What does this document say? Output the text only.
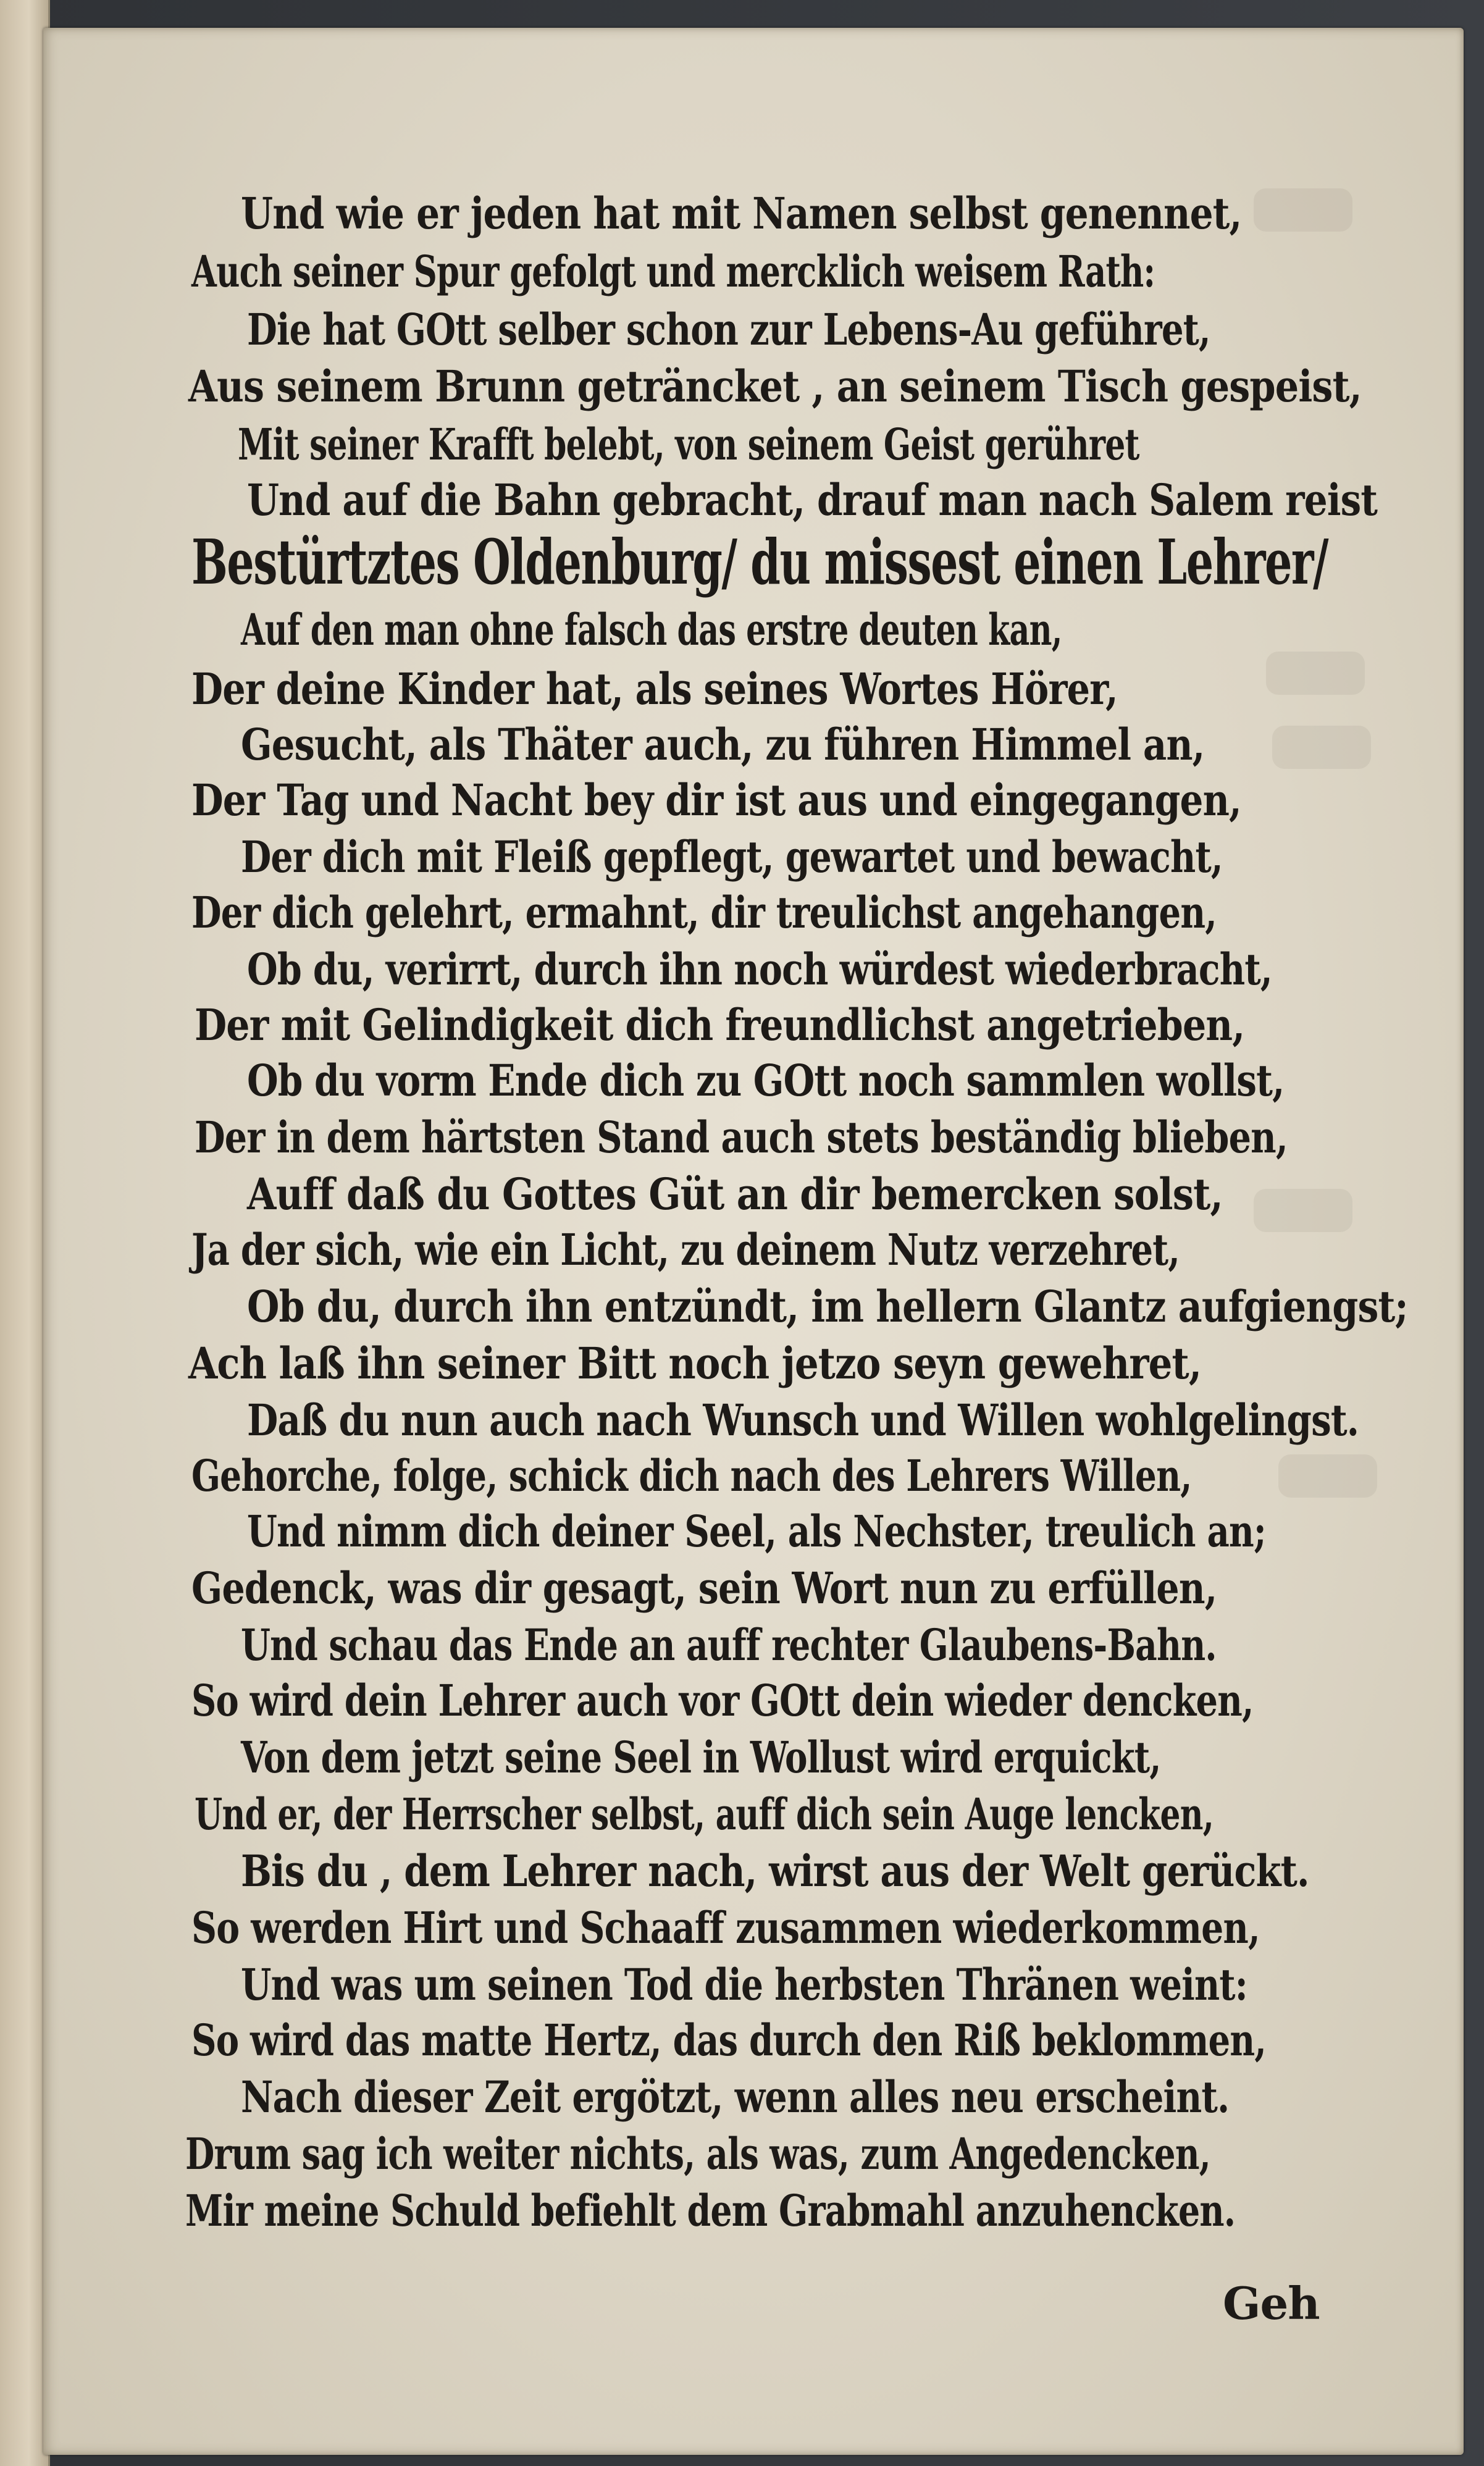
Und wie er jeden hat mit Namen selbst genennet,
Auch seiner Spur gefolgt und mercklich weisem Rath:
Die hat GOtt selber schon zur Lebens-Au geführet,
Aus seinem Brunn geträncket , an seinem Tisch gespeist,
Mit seiner Krafft belebt, von seinem Geist gerühret
Und auf die Bahn gebracht, drauf man nach Salem reist
Bestürtztes Oldenburg/ du missest einen Lehrer/
Auf den man ohne falsch das erstre deuten kan,
Der deine Kinder hat, als seines Wortes Hörer,
Gesucht, als Thäter auch, zu führen Himmel an,
Der Tag und Nacht bey dir ist aus und eingegangen,
Der dich mit Fleiß gepflegt, gewartet und bewacht,
Der dich gelehrt, ermahnt, dir treulichst angehangen,
Ob du, verirrt, durch ihn noch würdest wiederbracht,
Der mit Gelindigkeit dich freundlichst angetrieben,
Ob du vorm Ende dich zu GOtt noch sammlen wollst,
Der in dem härtsten Stand auch stets beständig blieben,
Auff daß du Gottes Güt an dir bemercken solst,
Ja der sich, wie ein Licht, zu deinem Nutz verzehret,
Ob du, durch ihn entzündt, im hellern Glantz aufgiengst;
Ach laß ihn seiner Bitt noch jetzo seyn gewehret,
Daß du nun auch nach Wunsch und Willen wohlgelingst.
Gehorche, folge, schick dich nach des Lehrers Willen,
Und nimm dich deiner Seel, als Nechster, treulich an;
Gedenck, was dir gesagt, sein Wort nun zu erfüllen,
Und schau das Ende an auff rechter Glaubens-Bahn.
So wird dein Lehrer auch vor GOtt dein wieder dencken,
Von dem jetzt seine Seel in Wollust wird erquickt,
Und er, der Herrscher selbst, auff dich sein Auge lencken,
Bis du , dem Lehrer nach, wirst aus der Welt gerückt.
So werden Hirt und Schaaff zusammen wiederkommen,
Und was um seinen Tod die herbsten Thränen weint:
So wird das matte Hertz, das durch den Riß beklommen,
Nach dieser Zeit ergötzt, wenn alles neu erscheint.
Drum sag ich weiter nichts, als was, zum Angedencken,
Mir meine Schuld befiehlt dem Grabmahl anzuhencken.
Geh
